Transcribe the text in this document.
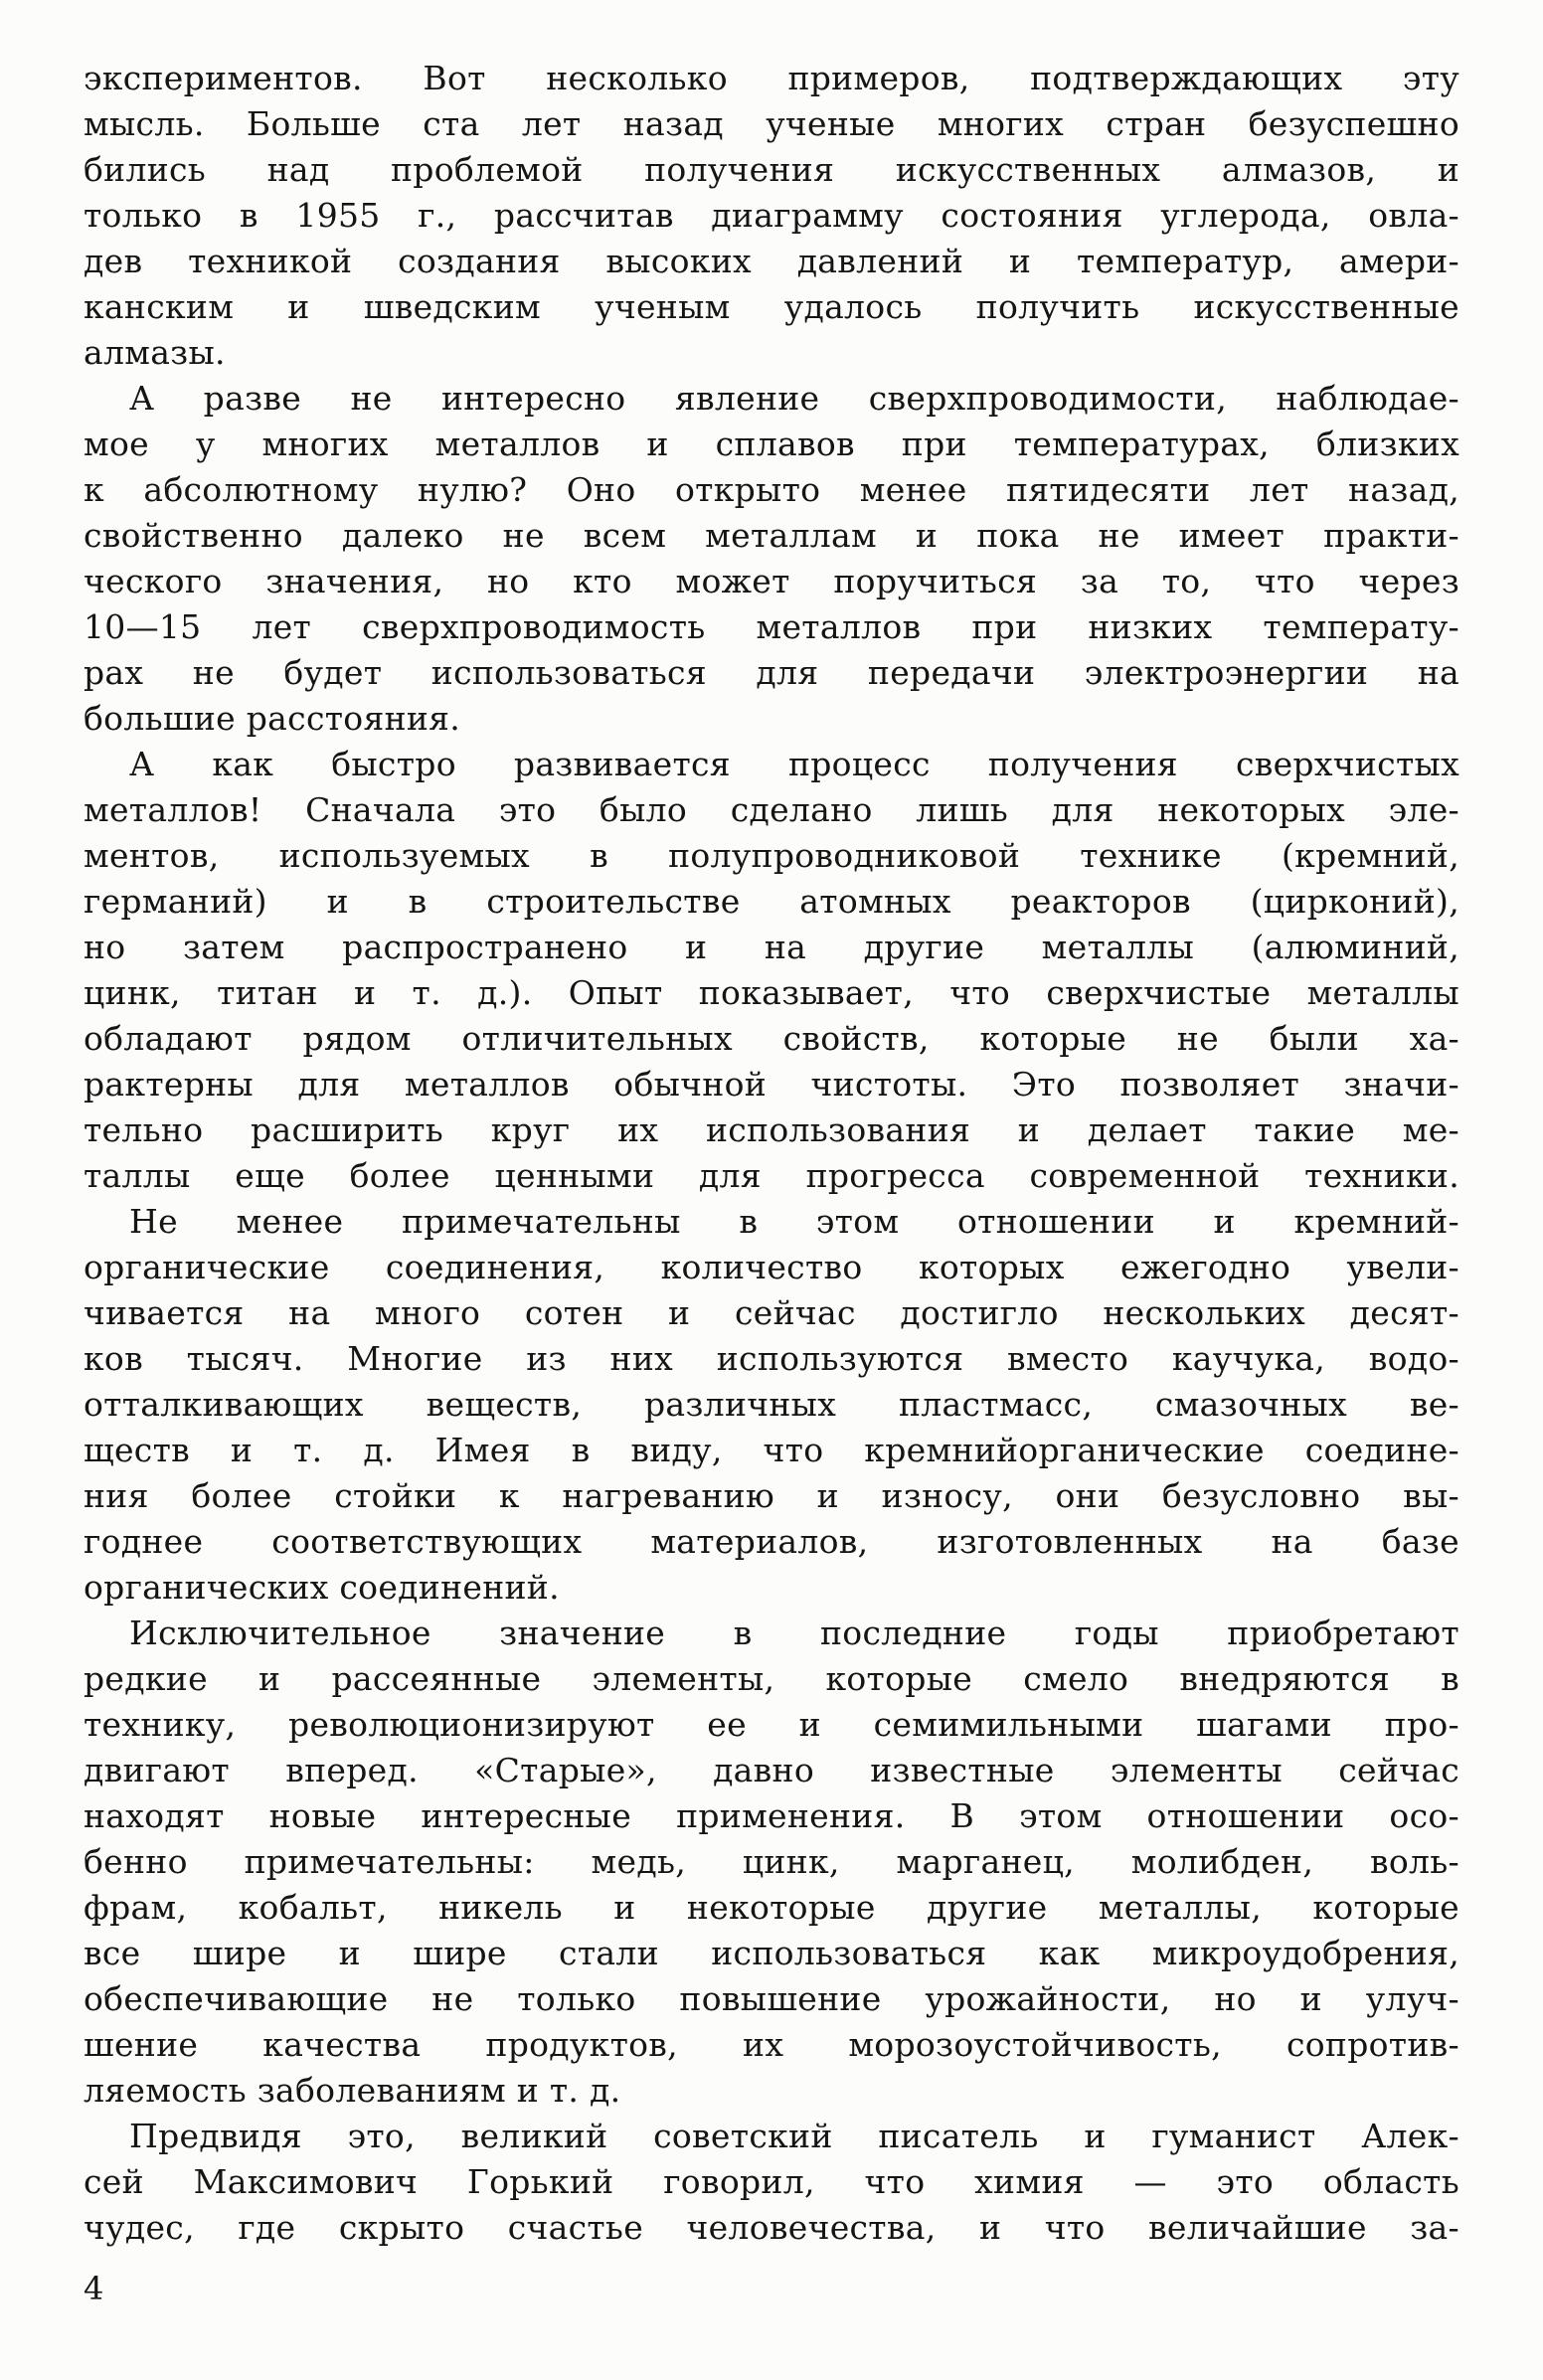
экспериментов. Вот несколько примеров, подтверждающих эту
мысль. Больше ста лет назад ученые многих стран безуспешно
бились над проблемой получения искусственных алмазов, и
только в 1955 г., рассчитав диаграмму состояния углерода, овла-
дев техникой создания высоких давлений и температур, амери-
канским и шведским ученым удалось получить искусственные
алмазы.
А разве не интересно явление сверхпроводимости, наблюдае-
мое у многих металлов и сплавов при температурах, близких
к абсолютному нулю? Оно открыто менее пятидесяти лет назад,
свойственно далеко не всем металлам и пока не имеет практи-
ческого значения, но кто может поручиться за то, что через
10—15 лет сверхпроводимость металлов при низких температу-
рах не будет использоваться для передачи электроэнергии на
большие расстояния.
А как быстро развивается процесс получения сверхчистых
металлов! Сначала это было сделано лишь для некоторых эле-
ментов, используемых в полупроводниковой технике (кремний,
германий) и в строительстве атомных реакторов (цирконий),
но затем распространено и на другие металлы (алюминий,
цинк, титан и т. д.). Опыт показывает, что сверхчистые металлы
обладают рядом отличительных свойств, которые не были ха-
рактерны для металлов обычной чистоты. Это позволяет значи-
тельно расширить круг их использования и делает такие ме-
таллы еще более ценными для прогресса современной техники.
Не менее примечательны в этом отношении и кремний-
органические соединения, количество которых ежегодно увели-
чивается на много сотен и сейчас достигло нескольких десят-
ков тысяч. Многие из них используются вместо каучука, водо-
отталкивающих веществ, различных пластмасс, смазочных ве-
ществ и т. д. Имея в виду, что кремнийорганические соедине-
ния более стойки к нагреванию и износу, они безусловно вы-
годнее соответствующих материалов, изготовленных на базе
органических соединений.
Исключительное значение в последние годы приобретают
редкие и рассеянные элементы, которые смело внедряются в
технику, революционизируют ее и семимильными шагами про-
двигают вперед. «Старые», давно известные элементы сейчас
находят новые интересные применения. В этом отношении осо-
бенно примечательны: медь, цинк, марганец, молибден, воль-
фрам, кобальт, никель и некоторые другие металлы, которые
все шире и шире стали использоваться как микроудобрения,
обеспечивающие не только повышение урожайности, но и улуч-
шение качества продуктов, их морозоустойчивость, сопротив-
ляемость заболеваниям и т. д.
Предвидя это, великий советский писатель и гуманист Алек-
сей Максимович Горький говорил, что химия — это область
чудес, где скрыто счастье человечества, и что величайшие за-
4
